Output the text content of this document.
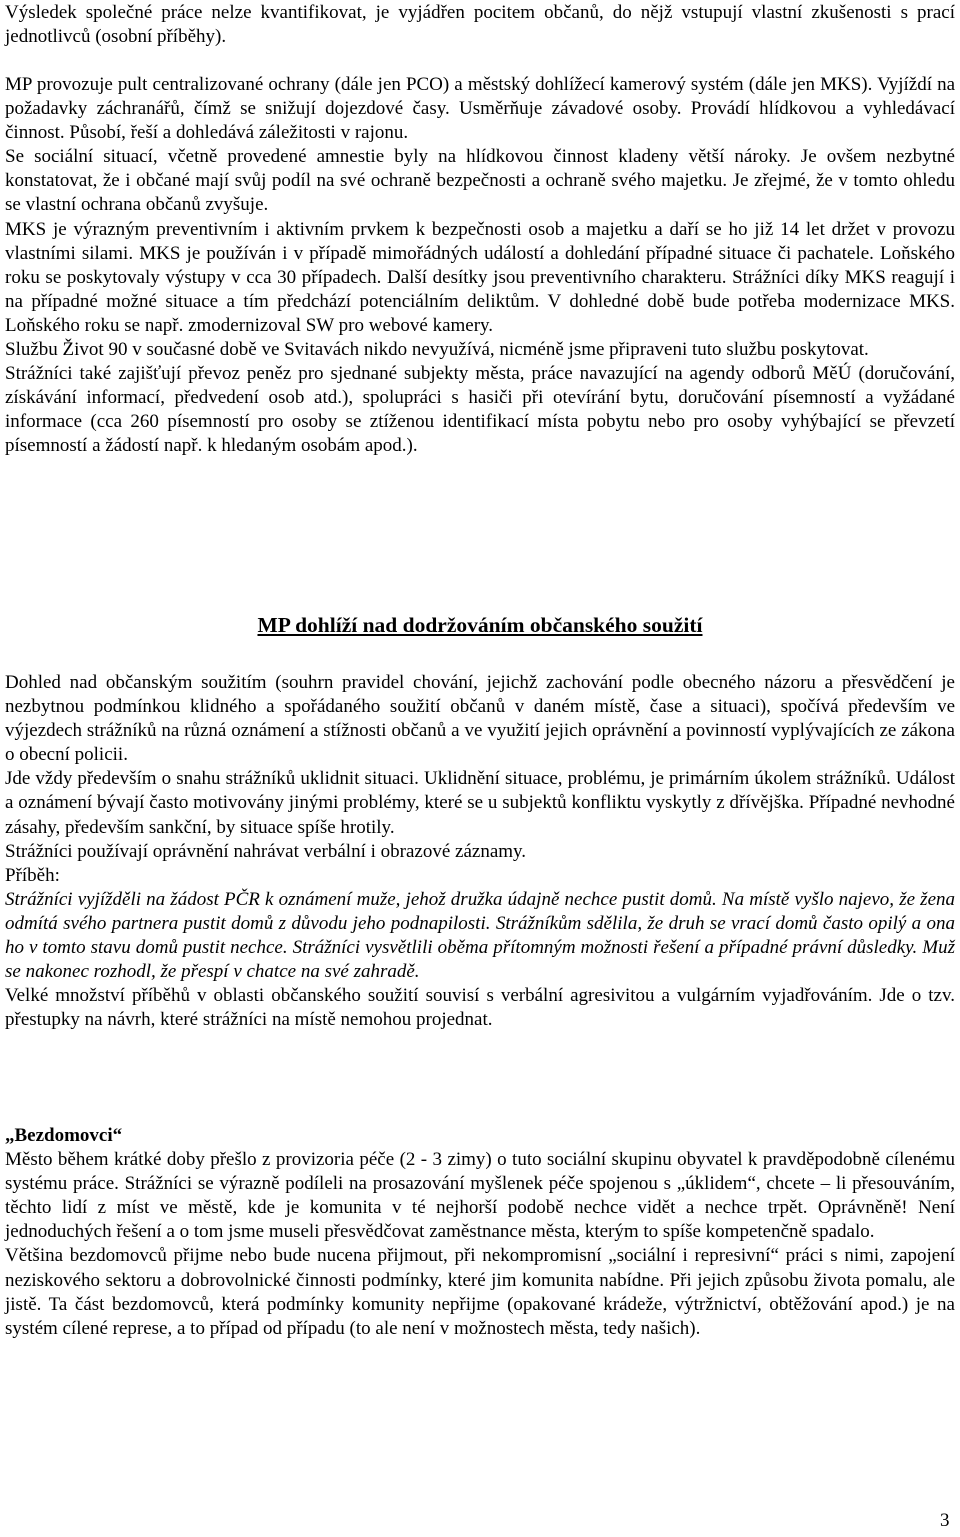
Výsledek společné práce nelze kvantifikovat, je vyjádřen pocitem občanů, do nějž vstupují vlastní zkušenosti s prací jednotlivců (osobní příběhy).

MP provozuje pult centralizované ochrany (dále jen PCO) a městský dohlížecí kamerový systém (dále jen MKS). Vyjíždí na požadavky záchranářů, čímž se snižují dojezdové časy. Usměrňuje závadové osoby. Provádí hlídkovou a vyhledávací činnost. Působí, řeší a dohledává záležitosti v rajonu.

Se sociální situací, včetně provedené amnestie byly na hlídkovou činnost kladeny větší nároky. Je ovšem nezbytné konstatovat, že i občané mají svůj podíl na své ochraně bezpečnosti a ochraně svého majetku. Je zřejmé, že v tomto ohledu se vlastní ochrana občanů zvyšuje.

MKS je výrazným preventivním i aktivním prvkem k bezpečnosti osob a majetku a daří se ho již 14 let držet v provozu vlastními silami. MKS je používán i v případě mimořádných událostí a dohledání případné situace či pachatele. Loňského roku se poskytovaly výstupy v cca 30 případech. Další desítky jsou preventivního charakteru. Strážníci díky MKS reagují i na případné možné situace a tím předchází potenciálním deliktům. V dohledné době bude potřeba modernizace MKS. Loňského roku se např. zmodernizoval SW pro webové kamery.

Službu Život 90 v současné době ve Svitavách nikdo nevyužívá, nicméně jsme připraveni tuto službu poskytovat.

Strážníci také zajišťují převoz peněz pro sjednané subjekty města, práce navazující na agendy odborů MěÚ (doručování, získávání informací, předvedení osob atd.), spolupráci s hasiči při otevírání bytu, doručování písemností a vyžádané informace (cca 260 písemností pro osoby se ztíženou identifikací místa pobytu nebo pro osoby vyhýbající se převzetí písemností a žádostí např. k hledaným osobám apod.).

MP dohlíží nad dodržováním občanského soužití

Dohled nad občanským soužitím (souhrn pravidel chování, jejichž zachování podle obecného názoru a přesvědčení je nezbytnou podmínkou klidného a spořádaného soužití občanů v daném místě, čase a situaci), spočívá především ve výjezdech strážníků na různá oznámení a stížnosti občanů a ve využití jejich oprávnění a povinností vyplývajících ze zákona o obecní policii.

Jde vždy především o snahu strážníků uklidnit situaci. Uklidnění situace, problému, je primárním úkolem strážníků. Událost a oznámení bývají často motivovány jinými problémy, které se u subjektů konfliktu vyskytly z dřívějška. Případné nevhodné zásahy, především sankční, by situace spíše hrotily.

Strážníci používají oprávnění nahrávat verbální i obrazové záznamy.

Příběh:

Strážníci vyjížděli na žádost PČR k oznámení muže, jehož družka údajně nechce pustit domů. Na místě vyšlo najevo, že žena odmítá svého partnera pustit domů z důvodu jeho podnapilosti. Strážníkům sdělila, že druh se vrací domů často opilý a ona ho v tomto stavu domů pustit nechce. Strážníci vysvětlili oběma přítomným možnosti řešení a případné právní důsledky. Muž se nakonec rozhodl, že přespí v chatce na své zahradě.

Velké množství příběhů v oblasti občanského soužití souvisí s verbální agresivitou a vulgárním vyjadřováním. Jde o tzv. přestupky na návrh, které strážníci na místě nemohou projednat.

„Bezdomovci“

Město během krátké doby přešlo z provizoria péče (2 - 3 zimy) o tuto sociální skupinu obyvatel k pravděpodobně cílenému systému práce. Strážníci se výrazně podíleli na prosazování myšlenek péče spojenou s „úklidem“, chcete – li přesouváním, těchto lidí z míst ve městě, kde je komunita v té nejhorší podobě nechce vidět a nechce trpět. Oprávněně! Není jednoduchých řešení a o tom jsme museli přesvědčovat zaměstnance města, kterým to spíše kompetenčně spadalo.

Většina bezdomovců přijme nebo bude nucena přijmout, při nekompromisní „sociální i represivní“ práci s nimi, zapojení neziskového sektoru a dobrovolnické činnosti podmínky, které jim komunita nabídne. Při jejich způsobu života pomalu, ale jistě. Ta část bezdomovců, která podmínky komunity nepřijme (opakované krádeže, výtržnictví, obtěžování apod.) je na systém cílené represe, a to případ od případu (to ale není v možnostech města, tedy našich).

3
